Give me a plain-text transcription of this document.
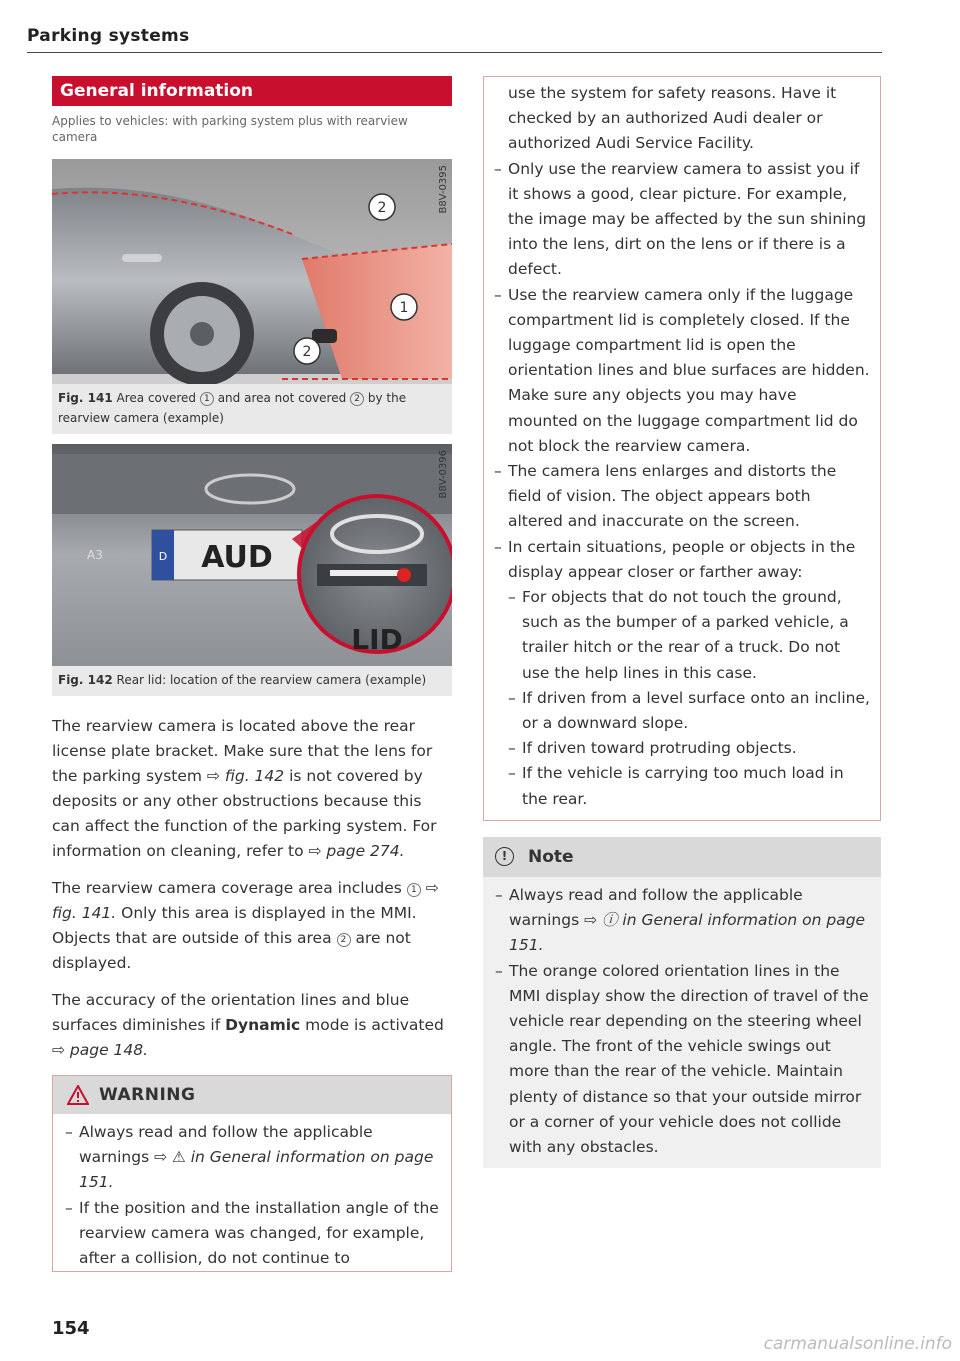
Parking systems
General information
Applies to vehicles: with parking system plus with rearview camera
2
1
2
B8V-0395
Fig. 141 Area covered 1 and area not covered 2 by the rearview camera (example)
D AUD
A3
LID
B8V-0396
Fig. 142 Rear lid: location of the rearview camera (example)

The rearview camera is located above the rear license plate bracket. Make sure that the lens for the parking system ⇨ fig. 142 is not covered by deposits or any other obstructions because this can affect the function of the parking system. For information on cleaning, refer to ⇨ page 274.

The rearview camera coverage area includes 1 ⇨ fig. 141. Only this area is displayed in the MMI. Objects that are outside of this area 2 are not displayed.

The accuracy of the orientation lines and blue surfaces diminishes if Dynamic mode is activated ⇨ page 148.

WARNING
– Always read and follow the applicable warnings ⇨ ⚠ in General information on page 151.
– If the position and the installation angle of the rearview camera was changed, for example, after a collision, do not continue to
154
use the system for safety reasons. Have it checked by an authorized Audi dealer or authorized Audi Service Facility.
– Only use the rearview camera to assist you if it shows a good, clear picture. For example, the image may be affected by the sun shining into the lens, dirt on the lens or if there is a defect.
– Use the rearview camera only if the luggage compartment lid is completely closed. If the luggage compartment lid is open the orientation lines and blue surfaces are hidden. Make sure any objects you may have mounted on the luggage compartment lid do not block the rearview camera.
– The camera lens enlarges and distorts the field of vision. The object appears both altered and inaccurate on the screen.
– In certain situations, people or objects in the display appear closer or farther away:
– For objects that do not touch the ground, such as the bumper of a parked vehicle, a trailer hitch or the rear of a truck. Do not use the help lines in this case.
– If driven from a level surface onto an incline, or a downward slope.
– If driven toward protruding objects.
– If the vehicle is carrying too much load in the rear.
!	Note
– Always read and follow the applicable warnings ⇨ ⓘ in General information on page 151.
– The orange colored orientation lines in the MMI display show the direction of travel of the vehicle rear depending on the steering wheel angle. The front of the vehicle swings out more than the rear of the vehicle. Maintain plenty of distance so that your outside mirror or a corner of your vehicle does not collide with any obstacles.
carmanualsonline.info
